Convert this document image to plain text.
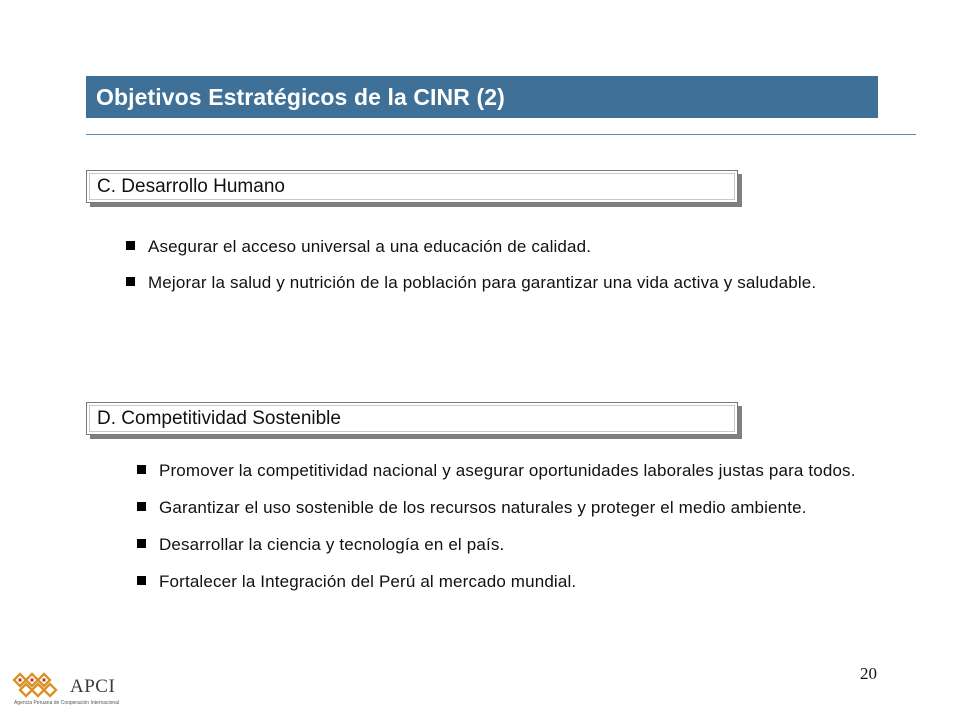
Objetivos Estratégicos de la CINR (2)
C. Desarrollo Humano
Asegurar el acceso universal a una educación de calidad.
Mejorar la salud y nutrición de la población para garantizar una vida activa y saludable.
D. Competitividad Sostenible
Promover la competitividad nacional y asegurar oportunidades laborales justas para todos.
Garantizar el uso sostenible de los recursos naturales y proteger el medio ambiente.
Desarrollar la ciencia y tecnología en el país.
Fortalecer la Integración del Perú al mercado mundial.
APCI
Agencia Peruana de Cooperación Internacional
20
